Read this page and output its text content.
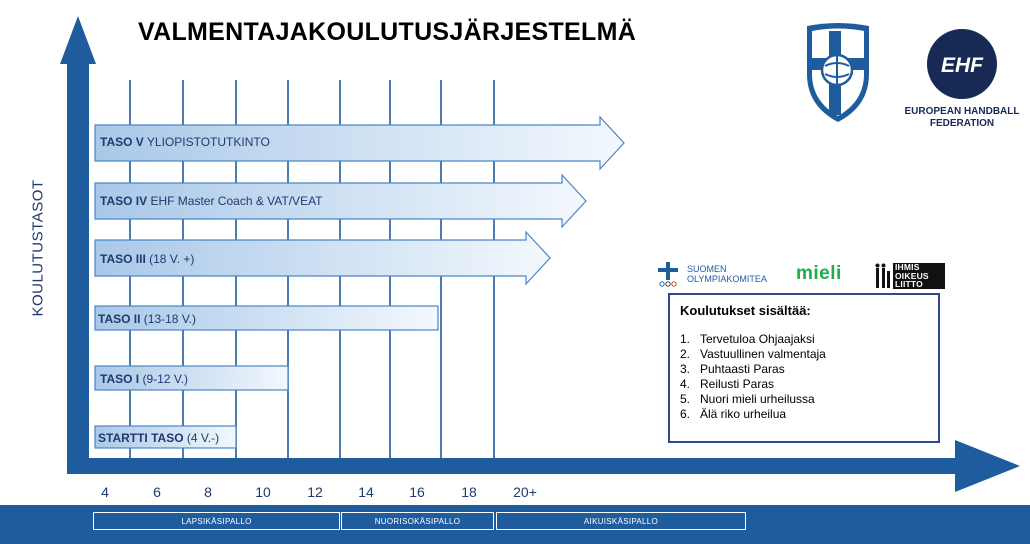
VALMENTAJAKOULUTUSJÄRJESTELMÄ
KOULUTUSTASOT
TASO V YLIOPISTOTUTKINTO
TASO IV EHF Master Coach & VAT/VEAT
TASO III (18 V. +)
TASO II (13-18 V.)
TASO I (9-12 V.)
STARTTI TASO (4 V.-)
4	6	8	10	12	14	16	18	20+
LAPSIKÄSIPALLO	NUORISOKÄSIPALLO	AIKUISKÄSIPALLO
EHF
EUROPEAN HANDBALL
FEDERATION
SUOMEN
OLYMPIAKOMITEA mieli	IHMIS
OIKEUS
LIITTO
Koulutukset sisältää:
1. Tervetuloa Ohjaajaksi
2. Vastuullinen valmentaja
3. Puhtaasti Paras
4. Reilusti Paras
5. Nuori mieli urheilussa
6. Älä riko urheilua
